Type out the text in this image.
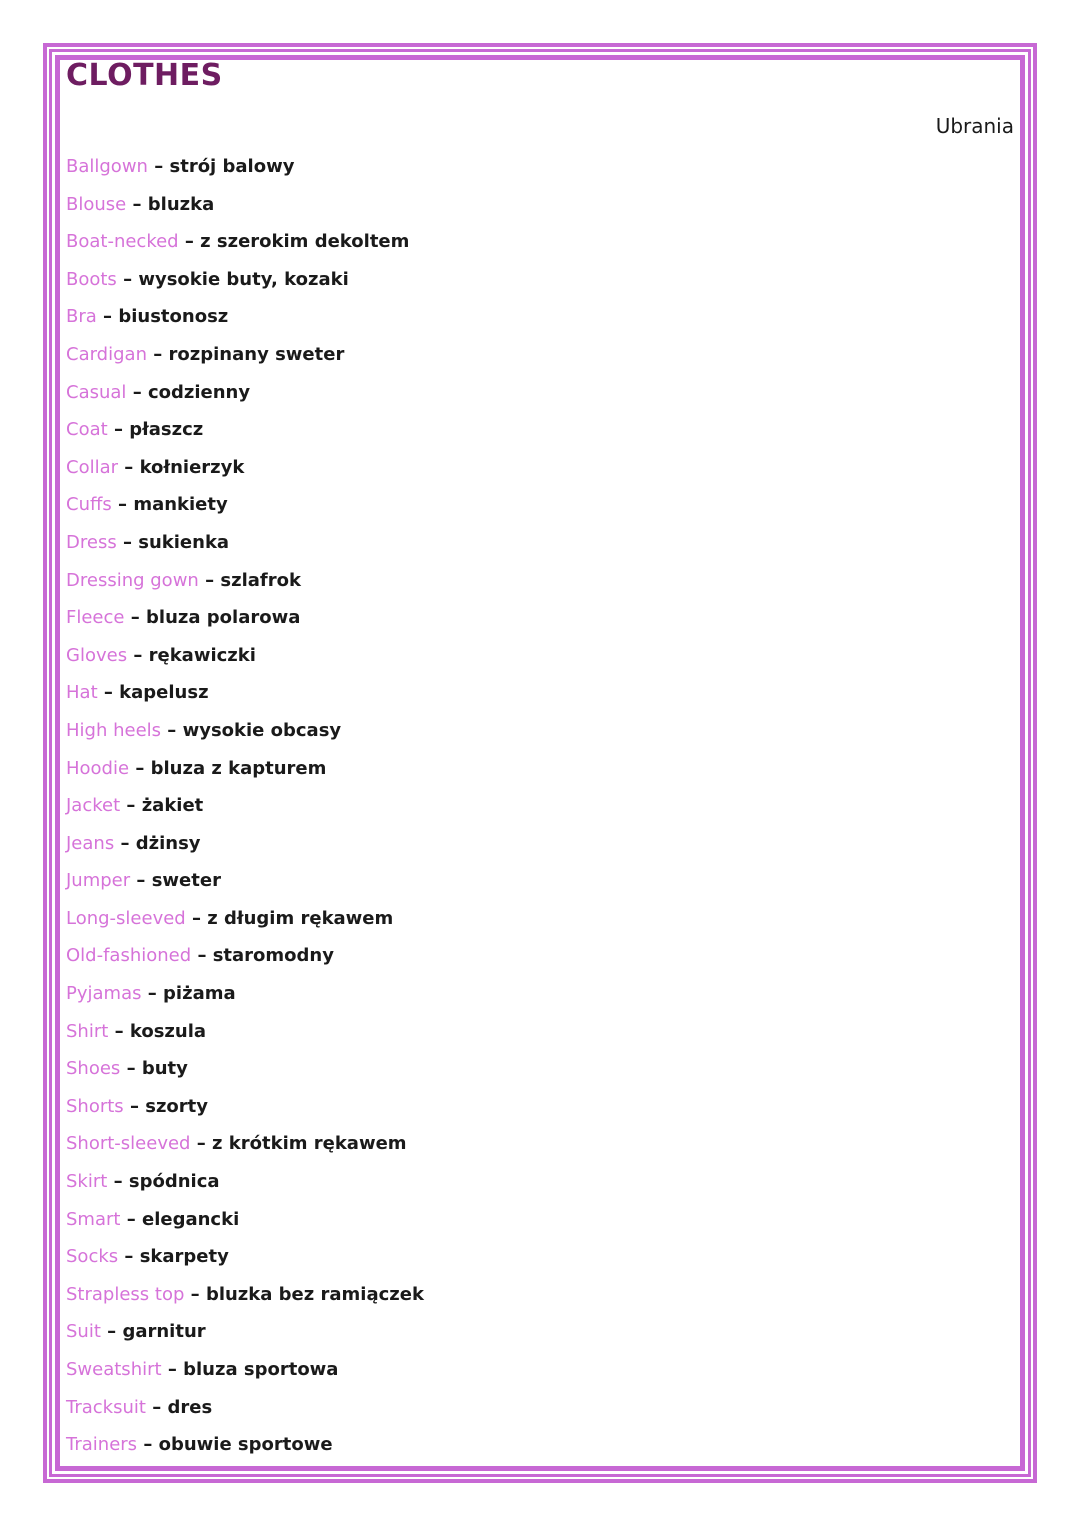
CLOTHES
Ubrania
Ballgown – strój balowy
Blouse – bluzka
Boat-necked – z szerokim dekoltem
Boots – wysokie buty, kozaki
Bra – biustonosz
Cardigan – rozpinany sweter
Casual – codzienny
Coat – płaszcz
Collar – kołnierzyk
Cuffs – mankiety
Dress – sukienka
Dressing gown – szlafrok
Fleece – bluza polarowa
Gloves – rękawiczki
Hat – kapelusz
High heels – wysokie obcasy
Hoodie – bluza z kapturem
Jacket – żakiet
Jeans – dżinsy
Jumper – sweter
Long-sleeved – z długim rękawem
Old-fashioned – staromodny
Pyjamas – piżama
Shirt – koszula
Shoes – buty
Shorts – szorty
Short-sleeved – z krótkim rękawem
Skirt – spódnica
Smart – elegancki
Socks – skarpety
Strapless top – bluzka bez ramiączek
Suit – garnitur
Sweatshirt – bluza sportowa
Tracksuit – dres
Trainers – obuwie sportowe
